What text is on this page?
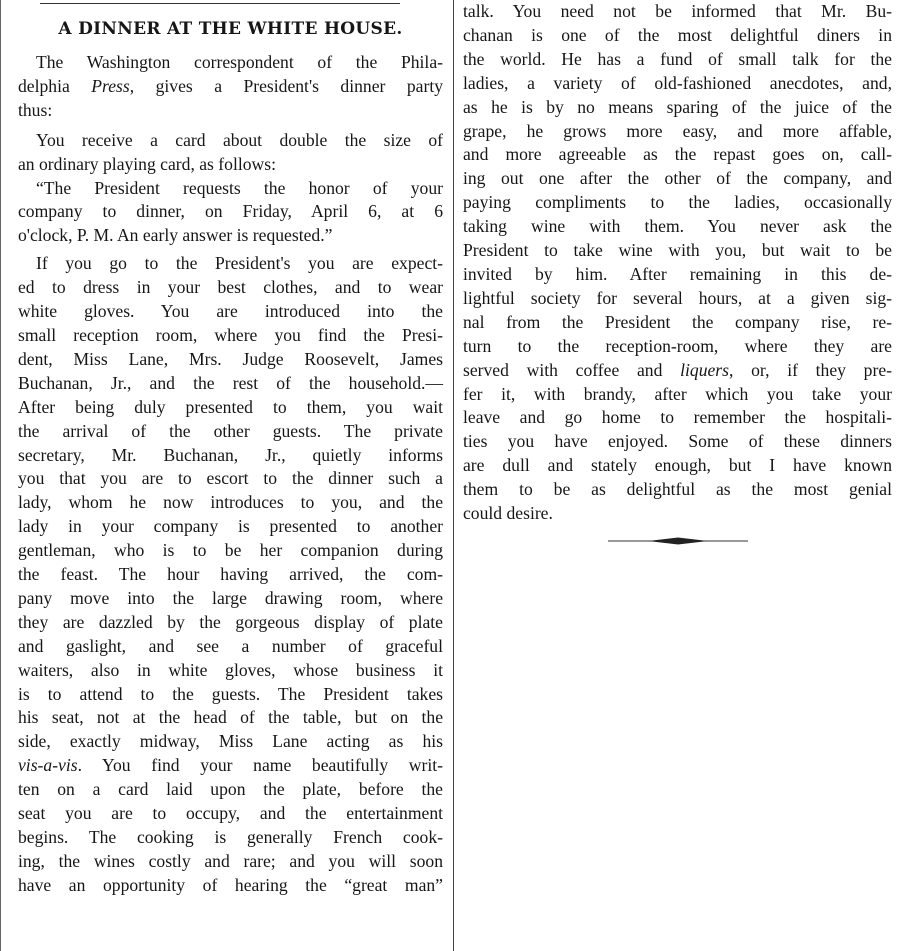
A DINNER AT THE WHITE HOUSE.

The Washington correspondent of the Phila-
delphia Press, gives a President's dinner party
thus:

You receive a card about double the size of
an ordinary playing card, as follows:

“The President requests the honor of your
company to dinner, on Friday, April 6, at 6
o'clock, P. M. An early answer is requested.”

If you go to the President's you are expect-
ed to dress in your best clothes, and to wear
white gloves. You are introduced into the
small reception room, where you find the Presi-
dent, Miss Lane, Mrs. Judge Roosevelt, James
Buchanan, Jr., and the rest of the household.—
After being duly presented to them, you wait
the arrival of the other guests. The private
secretary, Mr. Buchanan, Jr., quietly informs
you that you are to escort to the dinner such a
lady, whom he now introduces to you, and the
lady in your company is presented to another
gentleman, who is to be her companion during
the feast. The hour having arrived, the com-
pany move into the large drawing room, where
they are dazzled by the gorgeous display of plate
and gaslight, and see a number of graceful
waiters, also in white gloves, whose business it
is to attend to the guests. The President takes
his seat, not at the head of the table, but on the
side, exactly midway, Miss Lane acting as his
vis-a-vis. You find your name beautifully writ-
ten on a card laid upon the plate, before the
seat you are to occupy, and the entertainment
begins. The cooking is generally French cook-
ing, the wines costly and rare; and you will soon
have an opportunity of hearing the “great man”

talk. You need not be informed that Mr. Bu-
chanan is one of the most delightful diners in
the world. He has a fund of small talk for the
ladies, a variety of old-fashioned anecdotes, and,
as he is by no means sparing of the juice of the
grape, he grows more easy, and more affable,
and more agreeable as the repast goes on, call-
ing out one after the other of the company, and
paying compliments to the ladies, occasionally
taking wine with them. You never ask the
President to take wine with you, but wait to be
invited by him. After remaining in this de-
lightful society for several hours, at a given sig-
nal from the President the company rise, re-
turn to the reception-room, where they are
served with coffee and liquers, or, if they pre-
fer it, with brandy, after which you take your
leave and go home to remember the hospitali-
ties you have enjoyed. Some of these dinners
are dull and stately enough, but I have known
them to be as delightful as the most genial
could desire.
